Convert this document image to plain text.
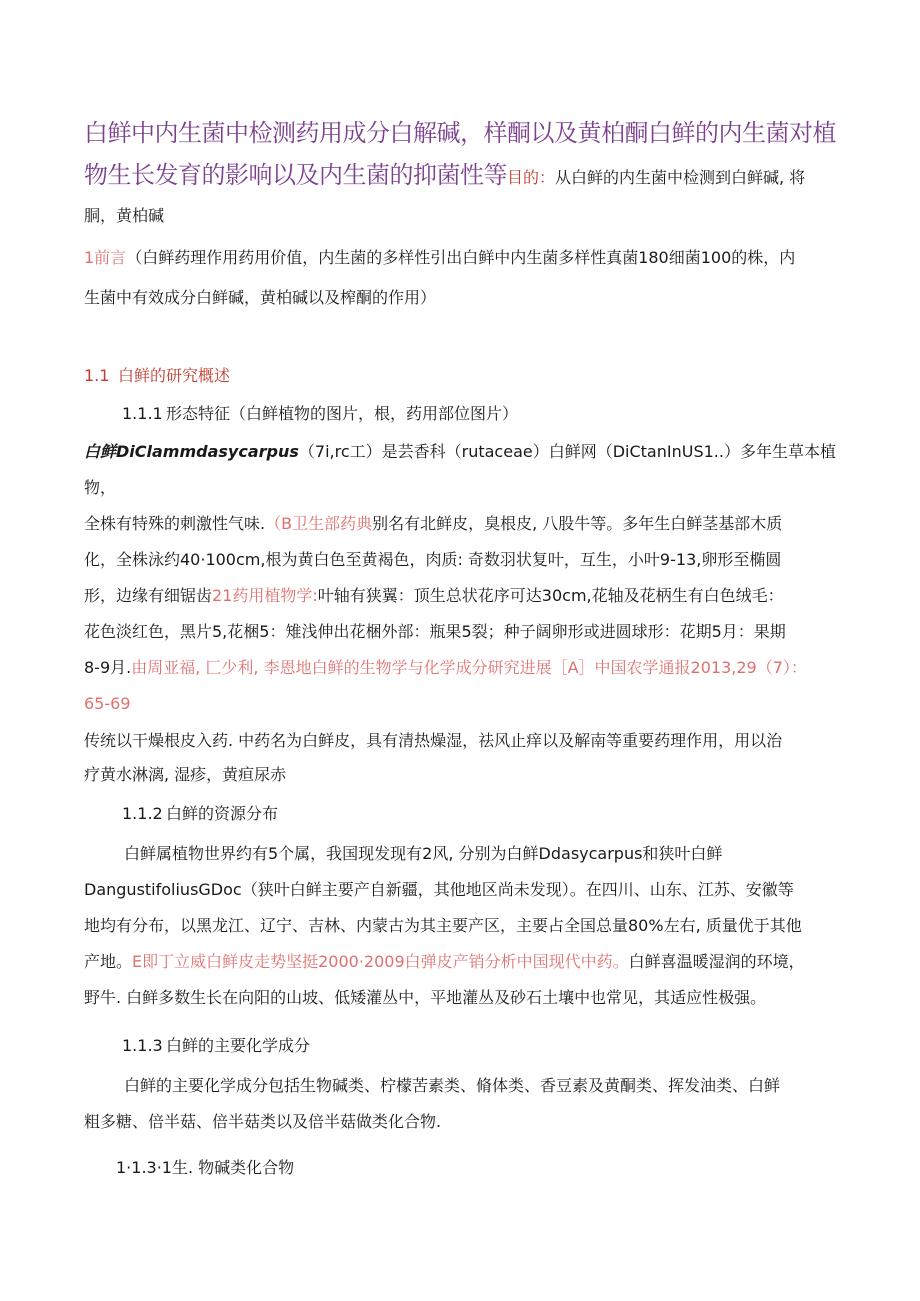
白鲜中内生菌中检测药用成分白解碱，样酮以及黄柏酮白鲜的内生菌对植物生长发育的影响以及内生菌的抑菌性等目的：从白鲜的内生菌中检测到白鲜碱, 将
胴，黄柏碱
1前言（白鲜药理作用药用价值，内生菌的多样性引出白鲜中内生菌多样性真菌180细菌100的株，内
生菌中有效成分白鲜碱，黄柏碱以及榨酮的作用）
1.1 白鲜的研究概述
1.1.1 形态特征（白鲜植物的图片，根，药用部位图片）
白鲜DiClammdasycarpus（7i,rc工）是芸香科（rutaceae）白鲜网（DiCtanInUS1..）多年生草本植物，
全株有特殊的刺激性气味.（B卫生部药典别名有北鲜皮，臭根皮, 八股牛等。多年生白鲜茎基部木质
化，全株泳约40·100cm,根为黄白色至黄褐色，肉质: 奇数羽状复叶，互生，小叶9-13,卵形至椭圆
形，边缘有细锯齿21药用植物学:叶轴有狭翼：顶生总状花序可达30cm,花轴及花柄生有白色绒毛：
花色淡红色，黑片5,花梱5：雉浅伸出花梱外部：瓶果5裂；种子阔卵形或进圆球形：花期5月：果期
8-9月.由周亚福, 匚少利, 李恩地白鲜的生物学与化学成分研究进展［A］中国农学通报2013,29（7）：
65-69
传统以干燥根皮入药. 中药名为白鲜皮，具有清热燥湿，祛风止痒以及解南等重要药理作用，用以治
疗黄水淋漓, 湿疹，黄疸尿赤
1.1.2 白鲜的资源分布
白鲜属植物世界约有5个属，我国现发现有2风, 分别为白鲜Ddasycarpus和狭叶白鲜
DangustifoliusGDoc（狭叶白鲜主要产自新疆，其他地区尚未发现）。在四川、山东、江苏、安徽等
地均有分布，以黑龙江、辽宁、吉林、内蒙古为其主要产区，主要占全国总量80%左右, 质量优于其他
产地。E即丁立威白鲜皮走势坚挺2000·2009白弹皮产销分析中国现代中药。白鲜喜温暖湿润的环境，
野牛. 白鲜多数生长在向阳的山坡、低矮灌丛中，平地灌丛及砂石土壤中也常见，其适应性极强。
1.1.3 白鲜的主要化学成分
白鲜的主要化学成分包括生物碱类、柠檬苦素类、脩体类、香豆素及黄酮类、挥发油类、白鲜
粗多糖、倍半菇、倍半菇类以及倍半菇做类化合物.
1·1.3·1生. 物碱类化合物
